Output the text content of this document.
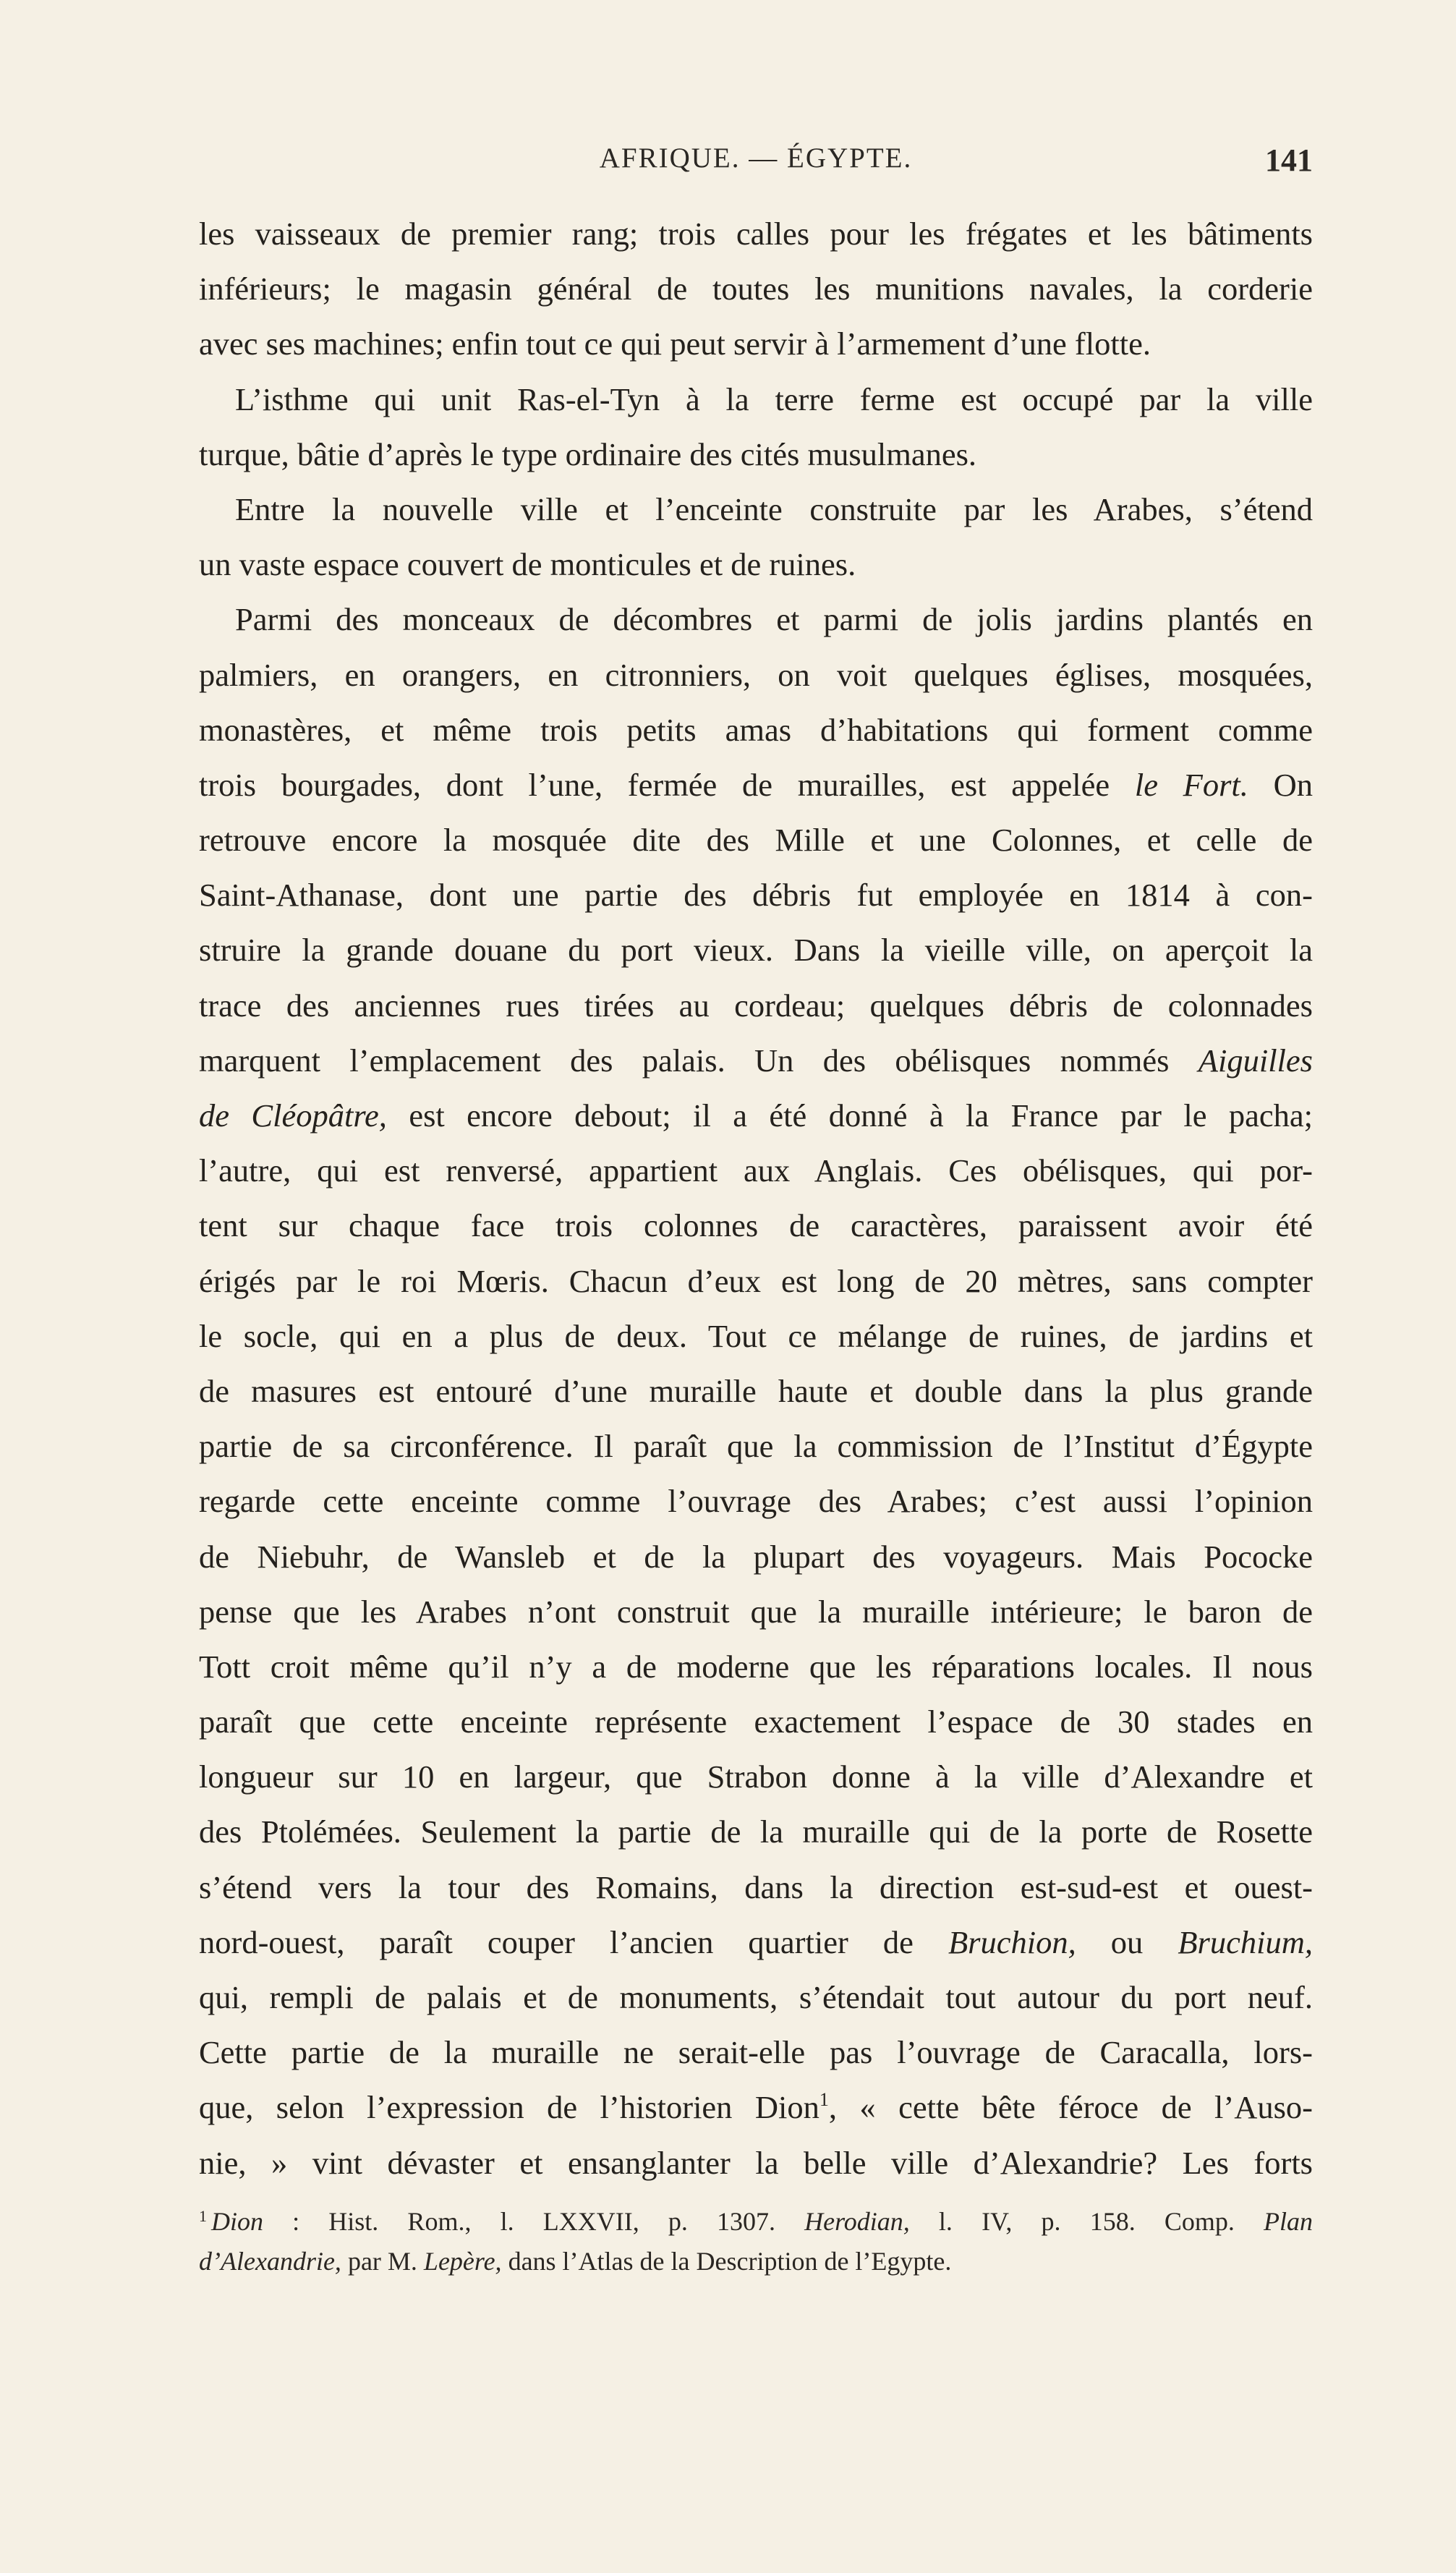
AFRIQUE. — ÉGYPTE.	141
les vaisseaux de premier rang; trois calles pour les frégates et les bâtiments
inférieurs; le magasin général de toutes les munitions navales, la corderie
avec ses machines; enfin tout ce qui peut servir à l’armement d’une flotte.
L’isthme qui unit Ras-el-Tyn à la terre ferme est occupé par la ville
turque, bâtie d’après le type ordinaire des cités musulmanes.
Entre la nouvelle ville et l’enceinte construite par les Arabes, s’étend
un vaste espace couvert de monticules et de ruines.
Parmi des monceaux de décombres et parmi de jolis jardins plantés en
palmiers, en orangers, en citronniers, on voit quelques églises, mosquées,
monastères, et même trois petits amas d’habitations qui forment comme
trois bourgades, dont l’une, fermée de murailles, est appelée le Fort. On
retrouve encore la mosquée dite des Mille et une Colonnes, et celle de
Saint-Athanase, dont une partie des débris fut employée en 1814 à con-
struire la grande douane du port vieux. Dans la vieille ville, on aperçoit la
trace des anciennes rues tirées au cordeau; quelques débris de colonnades
marquent l’emplacement des palais. Un des obélisques nommés Aiguilles
de Cléopâtre, est encore debout; il a été donné à la France par le pacha;
l’autre, qui est renversé, appartient aux Anglais. Ces obélisques, qui por-
tent sur chaque face trois colonnes de caractères, paraissent avoir été
érigés par le roi Mœris. Chacun d’eux est long de 20 mètres, sans compter
le socle, qui en a plus de deux. Tout ce mélange de ruines, de jardins et
de masures est entouré d’une muraille haute et double dans la plus grande
partie de sa circonférence. Il paraît que la commission de l’Institut d’Égypte
regarde cette enceinte comme l’ouvrage des Arabes; c’est aussi l’opinion
de Niebuhr, de Wansleb et de la plupart des voyageurs. Mais Pococke
pense que les Arabes n’ont construit que la muraille intérieure; le baron de
Tott croit même qu’il n’y a de moderne que les réparations locales. Il nous
paraît que cette enceinte représente exactement l’espace de 30 stades en
longueur sur 10 en largeur, que Strabon donne à la ville d’Alexandre et
des Ptolémées. Seulement la partie de la muraille qui de la porte de Rosette
s’étend vers la tour des Romains, dans la direction est-sud-est et ouest-
nord-ouest, paraît couper l’ancien quartier de Bruchion, ou Bruchium,
qui, rempli de palais et de monuments, s’étendait tout autour du port neuf.
Cette partie de la muraille ne serait-elle pas l’ouvrage de Caracalla, lors-
que, selon l’expression de l’historien Dion$^1$, « cette bête féroce de l’Auso-
nie, » vint dévaster et ensanglanter la belle ville d’Alexandrie? Les forts
$^1$ Dion : Hist. Rom., l. LXXVII, p. 1307. Herodian, l. IV, p. 158. Comp. Plan
d’Alexandrie, par M. Lepère, dans l’Atlas de la Description de l’Egypte.
